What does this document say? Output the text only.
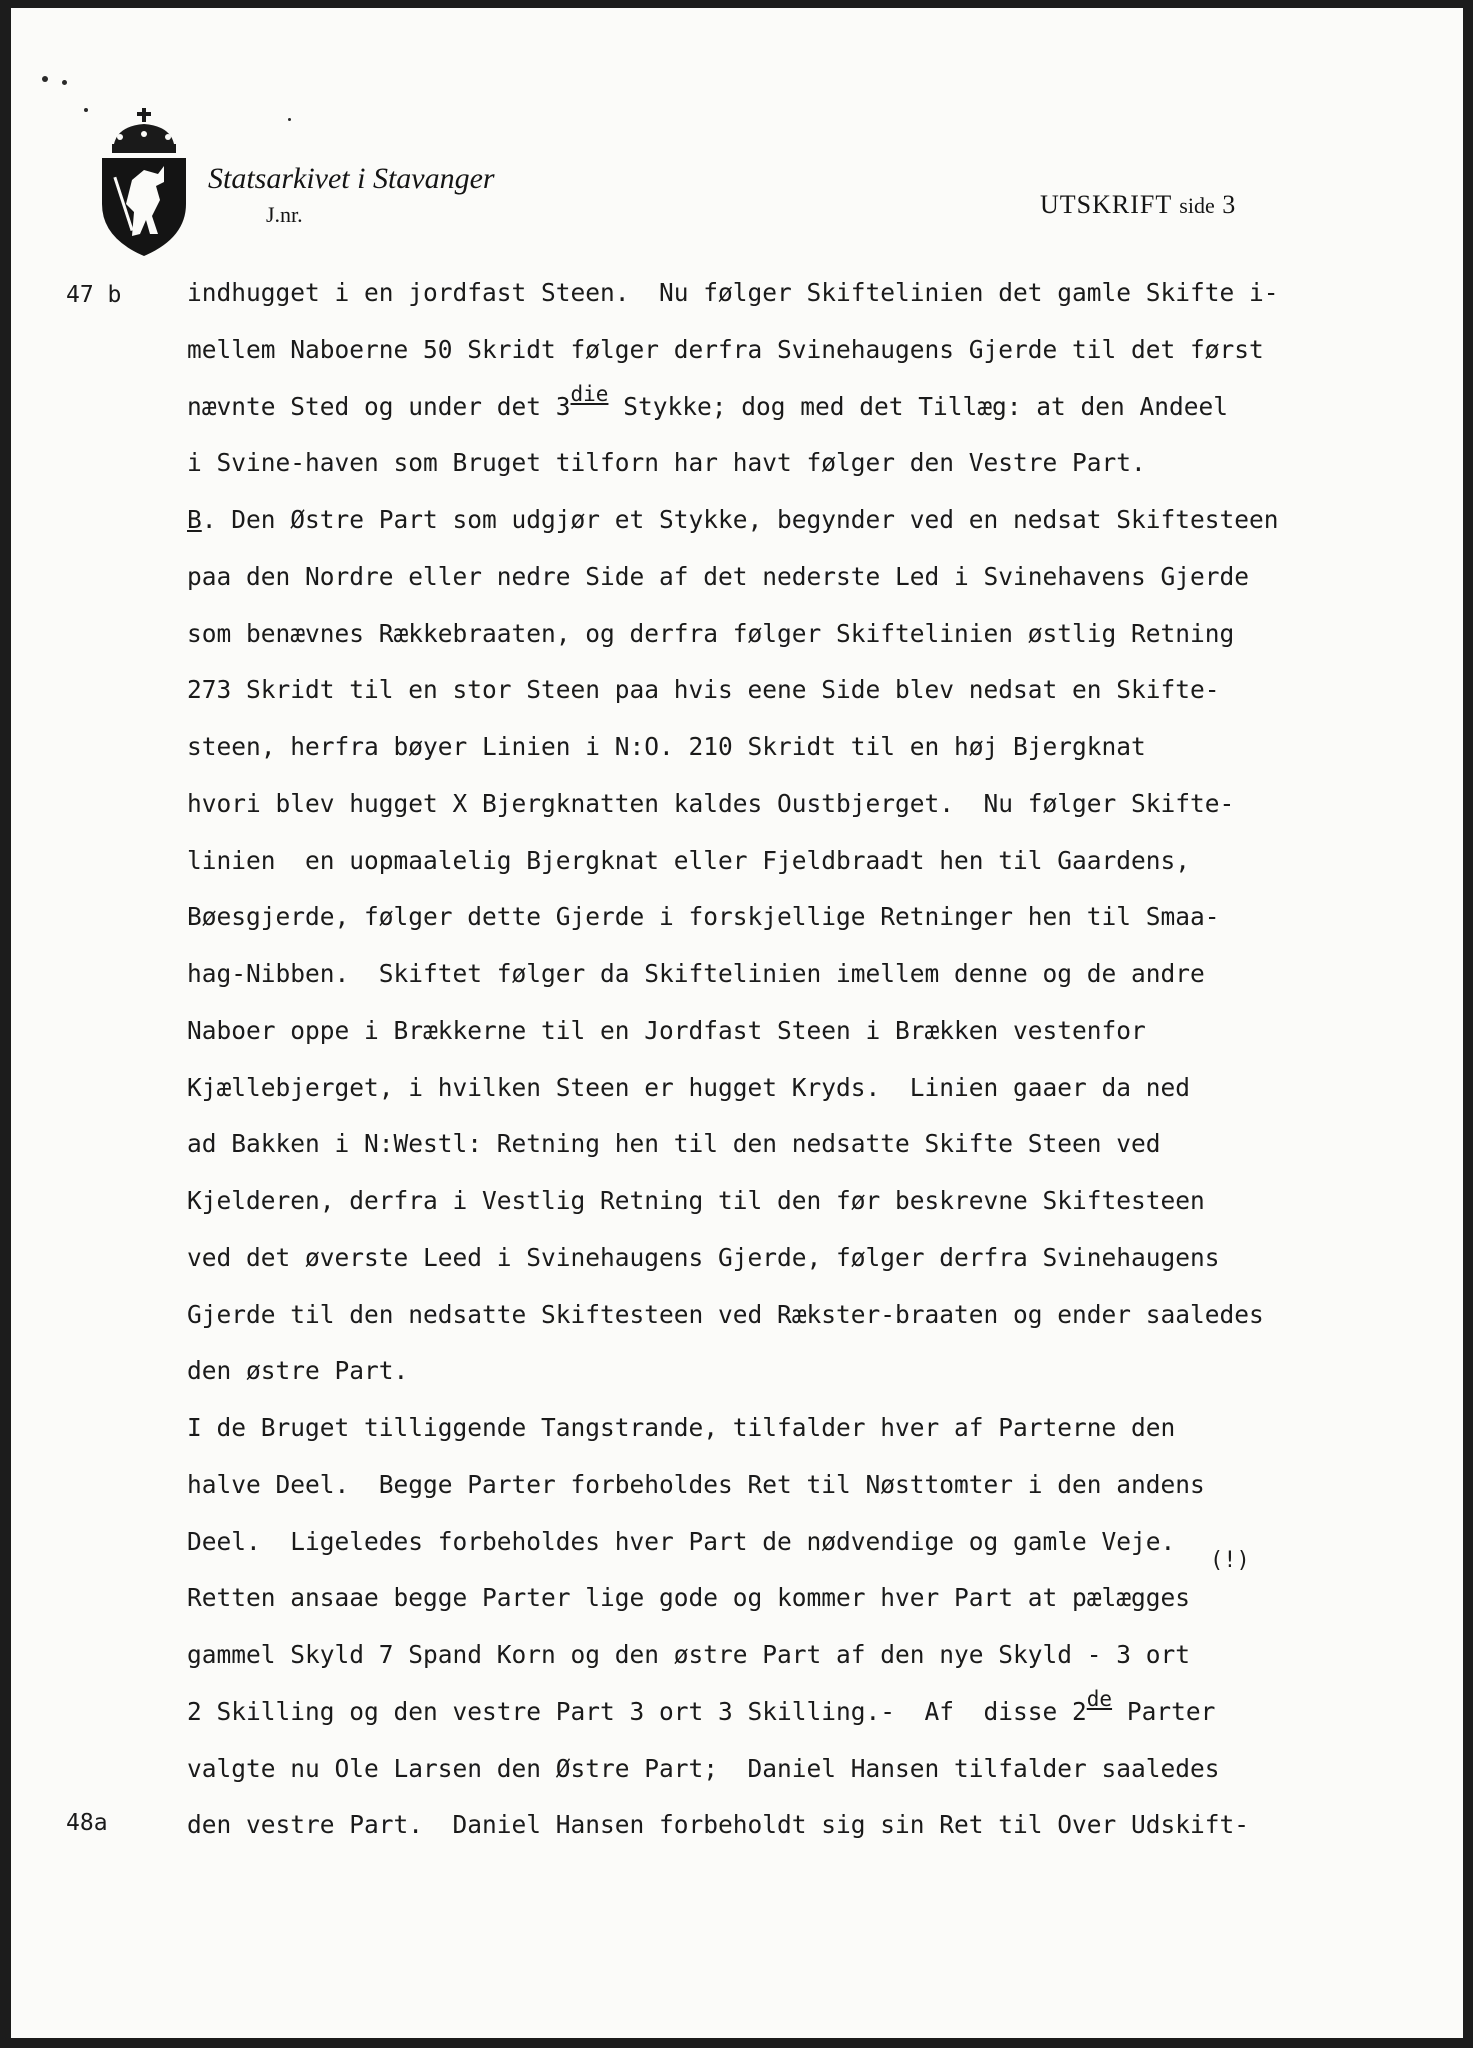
Statsarkivet i Stavanger
J.nr.	UTSKRIFT side 3
47 b
48a
(!)
indhugget i en jordfast Steen.  Nu følger Skiftelinien det gamle Skifte i-
mellem Naboerne 50 Skridt følger derfra Svinehaugens Gjerde til det først
nævnte Sted og under det 3die Stykke; dog med det Tillæg: at den Andeel
i Svine-haven som Bruget tilforn har havt følger den Vestre Part.
B. Den Østre Part som udgjør et Stykke, begynder ved en nedsat Skiftesteen
paa den Nordre eller nedre Side af det nederste Led i Svinehavens Gjerde
som benævnes Rækkebraaten, og derfra følger Skiftelinien østlig Retning
273 Skridt til en stor Steen paa hvis eene Side blev nedsat en Skifte-
steen, herfra bøyer Linien i N:O. 210 Skridt til en høj Bjergknat
hvori blev hugget X Bjergknatten kaldes Oustbjerget.  Nu følger Skifte-
linien  en uopmaalelig Bjergknat eller Fjeldbraadt hen til Gaardens,
Bøesgjerde, følger dette Gjerde i forskjellige Retninger hen til Smaa-
hag-Nibben.  Skiftet følger da Skiftelinien imellem denne og de andre
Naboer oppe i Brækkerne til en Jordfast Steen i Brækken vestenfor
Kjællebjerget, i hvilken Steen er hugget Kryds.  Linien gaaer da ned
ad Bakken i N:Westl: Retning hen til den nedsatte Skifte Steen ved
Kjelderen, derfra i Vestlig Retning til den før beskrevne Skiftesteen
ved det øverste Leed i Svinehaugens Gjerde, følger derfra Svinehaugens
Gjerde til den nedsatte Skiftesteen ved Rækster-braaten og ender saaledes
den østre Part.
I de Bruget tilliggende Tangstrande, tilfalder hver af Parterne den
halve Deel.  Begge Parter forbeholdes Ret til Nøsttomter i den andens
Deel.  Ligeledes forbeholdes hver Part de nødvendige og gamle Veje.
Retten ansaae begge Parter lige gode og kommer hver Part at pælægges
gammel Skyld 7 Spand Korn og den østre Part af den nye Skyld - 3 ort
2 Skilling og den vestre Part 3 ort 3 Skilling.-  Af  disse 2de Parter
valgte nu Ole Larsen den Østre Part;  Daniel Hansen tilfalder saaledes
den vestre Part.  Daniel Hansen forbeholdt sig sin Ret til Over Udskift-
